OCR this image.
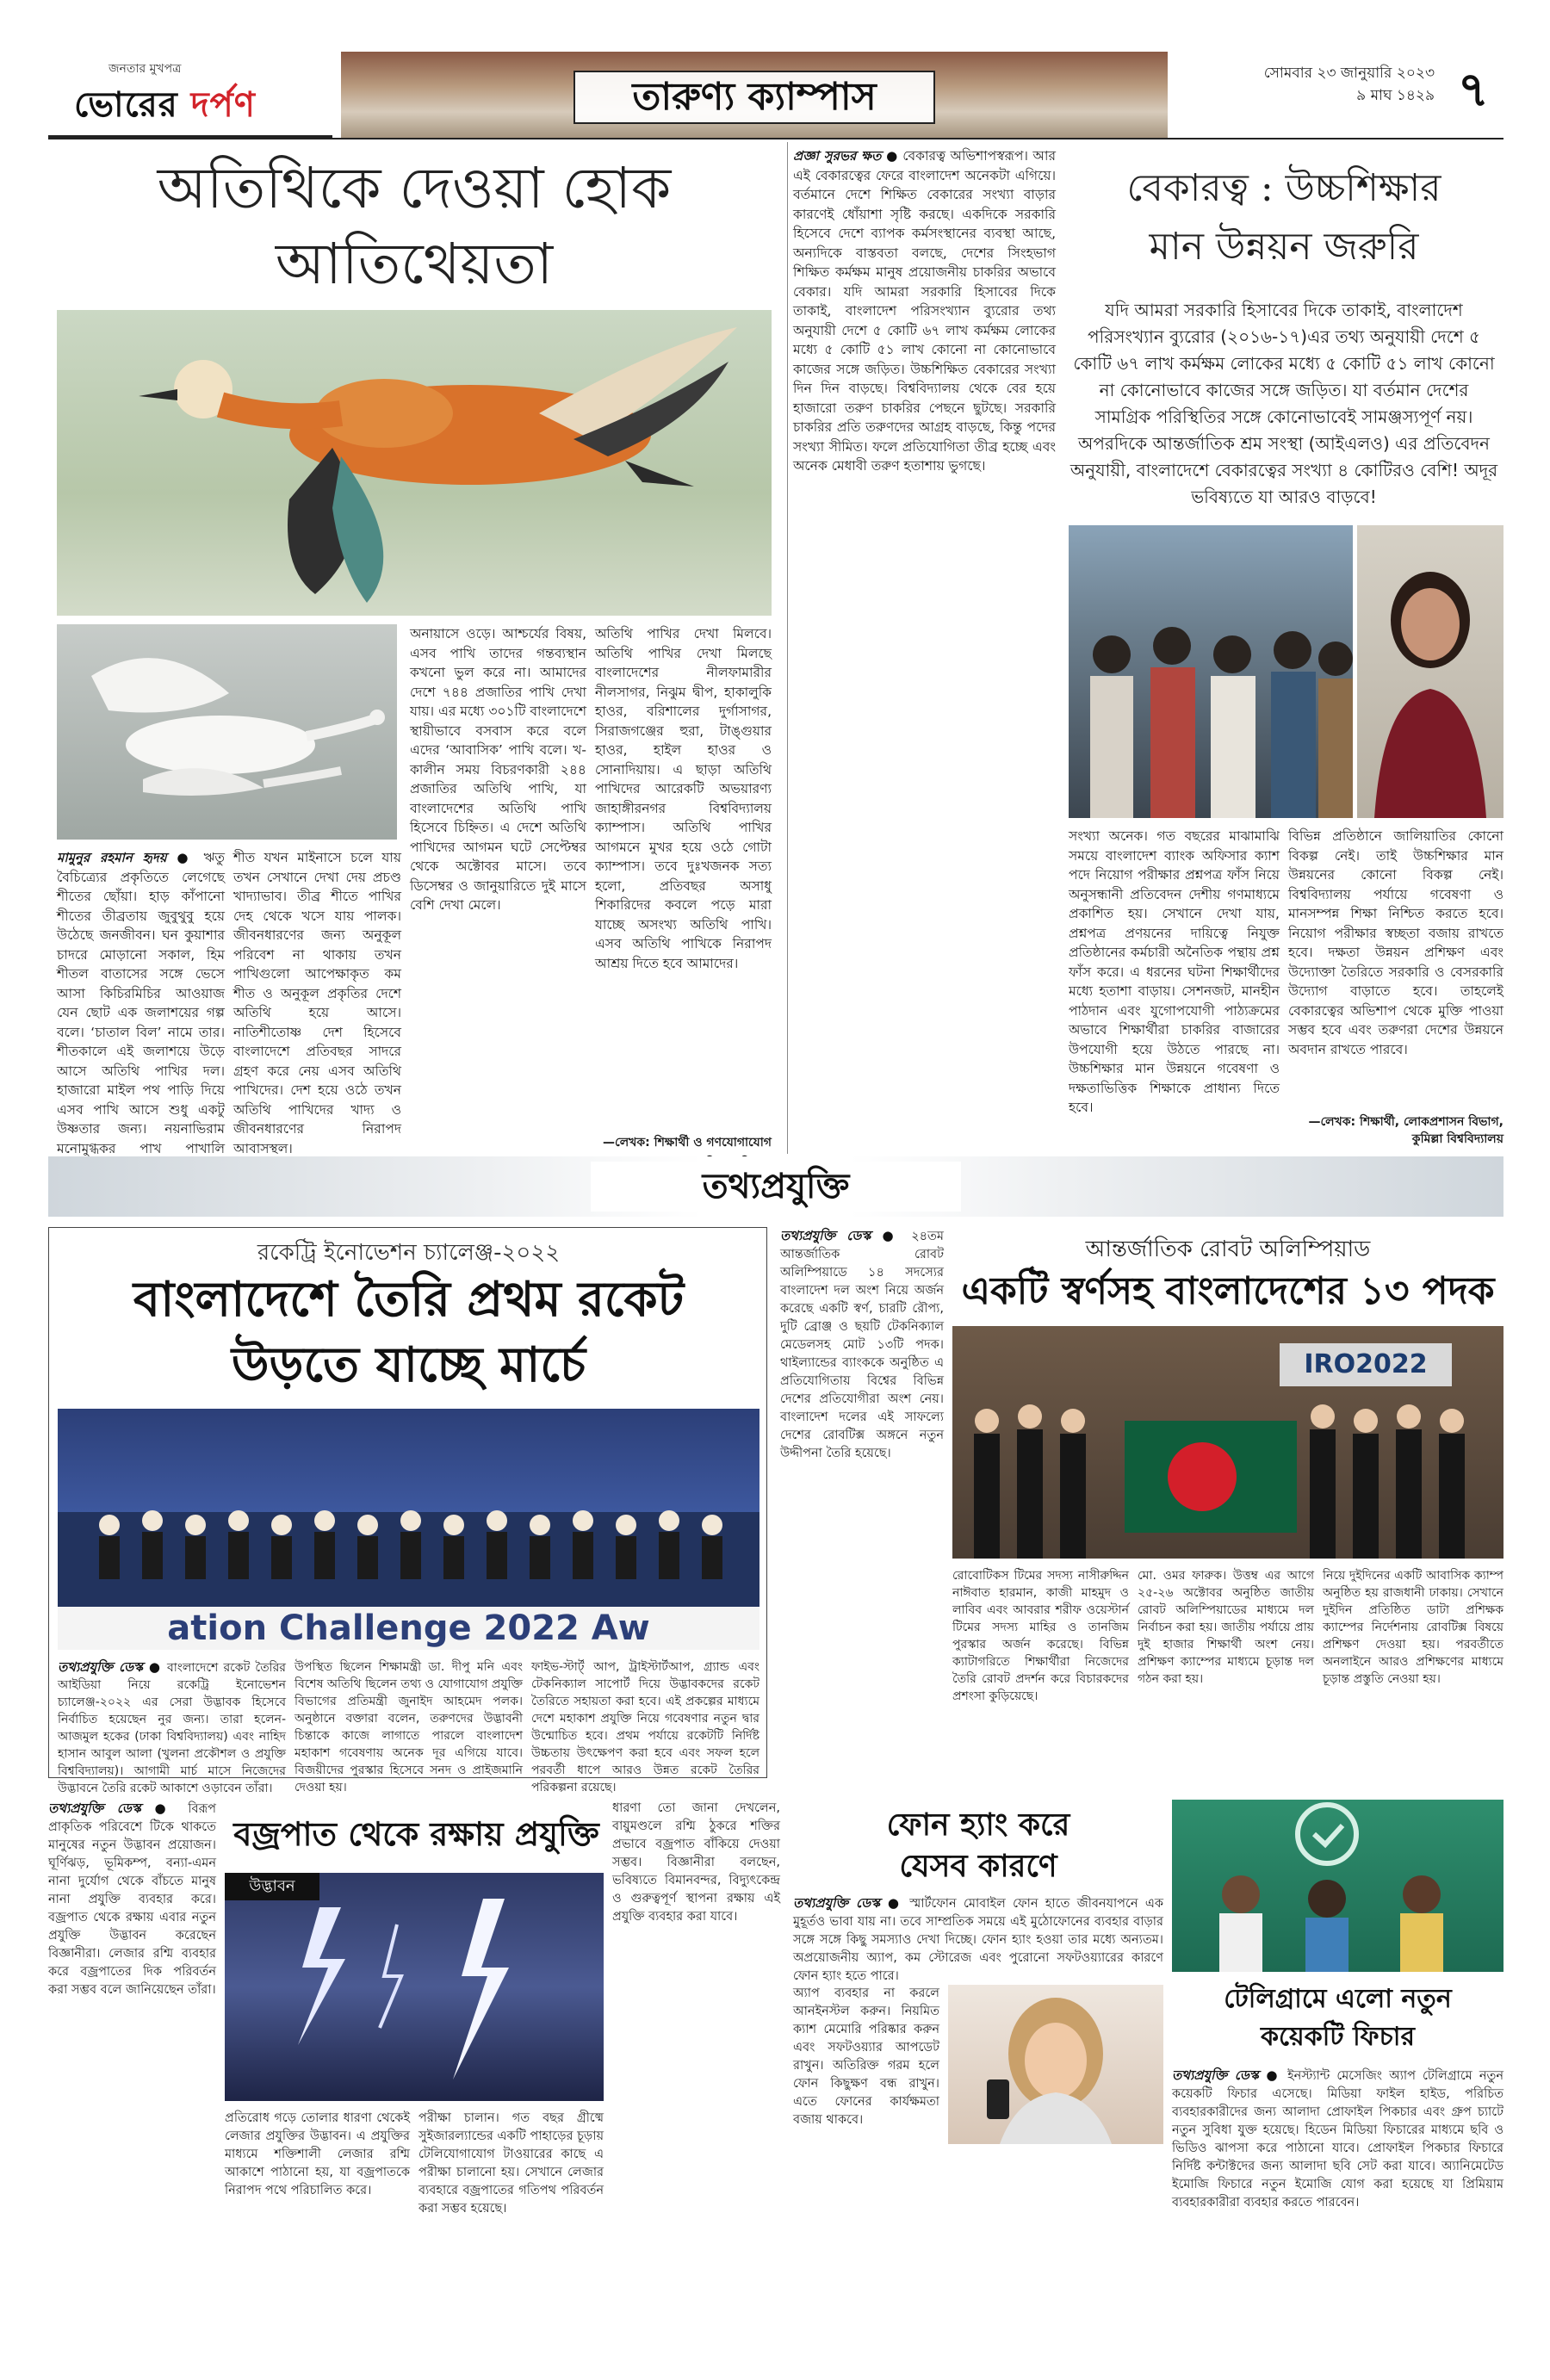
জনতার মুখপত্র
ভোরের দর্পণ	তারুণ্য ক্যাম্পাস
সোমবার ২৩ জানুয়ারি ২০২৩
৯ মাঘ ১৪২৯ ৭
অতিথিকে দেওয়া হোক
আতিথেয়তা
মামুনুর রহমান হৃদয় ● ঋতু বৈচিত্র্যের প্রকৃতিতে লেগেছে শীতের ছোঁয়া। হাড় কাঁপানো শীতের তীব্রতায় জুবুথুবু হয়ে উঠেছে জনজীবন। ঘন কুয়াশার চাদরে মোড়ানো সকাল, হিম শীতল বাতাসের সঙ্গে ভেসে আসা কিচিরমিচির আওয়াজ যেন ছোট এক জলাশয়ের গল্প বলে। ‘চাতাল বিল’ নামে তার। শীতকালে এই জলাশয়ে উড়ে আসে অতিথি পাখির দল। হাজারো মাইল পথ পাড়ি দিয়ে এসব পাখি আসে শুধু একটু উষ্ণতার জন্য। নয়নাভিরাম মনোমুগ্ধকর পাখ পাখালি
শীত যখন মাইনাসে চলে যায় তখন সেখানে দেখা দেয় প্রচণ্ড খাদ্যাভাব। তীব্র শীতে পাখির দেহ থেকে খসে যায় পালক। জীবনধারণের জন্য অনুকূল পরিবেশ না থাকায় তখন পাখিগুলো আপেক্ষাকৃত কম শীত ও অনুকূল প্রকৃতির দেশে অতিথি হয়ে আসে। নাতিশীতোষ্ণ দেশ হিসেবে বাংলাদেশে প্রতিবছর সাদরে গ্রহণ করে নেয় এসব অতিথি পাখিদের। দেশ হয়ে ওঠে তখন অতিথি পাখিদের খাদ্য ও জীবনধারণের নিরাপদ আবাসস্থল।
অনায়াসে ওড়ে। আশ্চর্যের বিষয়, এসব পাখি তাদের গন্তব্যস্থান কখনো ভুল করে না। আমাদের দেশে ৭৪৪ প্রজাতির পাখি দেখা যায়। এর মধ্যে ৩০১টি বাংলাদেশে স্থায়ীভাবে বসবাস করে বলে এদের ‘আবাসিক’ পাখি বলে। খ-কালীন সময় বিচরণকারী ২৪৪ প্রজাতির অতিথি পাখি, যা বাংলাদেশের অতিথি পাখি হিসেবে চিহ্নিত। এ দেশে অতিথি পাখিদের আগমন ঘটে সেপ্টেম্বর থেকে অক্টোবর মাসে। তবে ডিসেম্বর ও জানুয়ারিতে দুই মাসে বেশি দেখা মেলে।
অতিথি পাখির দেখা মিলবে। অতিথি পাখির দেখা মিলছে বাংলাদেশের নীলফামারীর নীলসাগর, নিঝুম দ্বীপ, হাকালুকি হাওর, বরিশালের দুর্গাসাগর, সিরাজগঞ্জের হুরা, টাঙ্গুয়ার হাওর, হাইল হাওর ও সোনাদিয়ায়। এ ছাড়া অতিথি পাখিদের আরেকটি অভয়ারণ্য জাহাঙ্গীরনগর বিশ্ববিদ্যালয় ক্যাম্পাস। অতিথি পাখির আগমনে মুখর হয়ে ওঠে গোটা ক্যাম্পাস। তবে দুঃখজনক সত্য হলো, প্রতিবছর অসাধু শিকারিদের কবলে পড়ে মারা যাচ্ছে অসংখ্য অতিথি পাখি। এসব অতিথি পাখিকে নিরাপদ আশ্রয় দিতে হবে আমাদের।
—লেখক: শিক্ষার্থী ও গণযোগাযোগ
প্রজ্ঞা সুরভর ক্ষত ● বেকারত্ব অভিশাপস্বরূপ। আর এই বেকারত্বের ফেরে বাংলাদেশ অনেকটা এগিয়ে। বর্তমানে দেশে শিক্ষিত বেকারের সংখ্যা বাড়ার কারণেই ধোঁয়াশা সৃষ্টি করছে। একদিকে সরকারি হিসেবে দেশে ব্যাপক কর্মসংস্থানের ব্যবস্থা আছে, অন্যদিকে বাস্তবতা বলছে, দেশের সিংহভাগ শিক্ষিত কর্মক্ষম মানুষ প্রয়োজনীয় চাকরির অভাবে বেকার। যদি আমরা সরকারি হিসাবের দিকে তাকাই, বাংলাদেশ পরিসংখ্যান ব্যুরোর তথ্য অনুযায়ী দেশে ৫ কোটি ৬৭ লাখ কর্মক্ষম লোকের মধ্যে ৫ কোটি ৫১ লাখ কোনো না কোনোভাবে কাজের সঙ্গে জড়িত। উচ্চশিক্ষিত বেকারের সংখ্যা দিন দিন বাড়ছে। বিশ্ববিদ্যালয় থেকে বের হয়ে হাজারো তরুণ চাকরির পেছনে ছুটছে। সরকারি চাকরির প্রতি তরুণদের আগ্রহ বাড়ছে, কিন্তু পদের সংখ্যা সীমিত। ফলে প্রতিযোগিতা তীব্র হচ্ছে এবং অনেক মেধাবী তরুণ হতাশায় ভুগছে।
বেকারত্ব : উচ্চশিক্ষার
মান উন্নয়ন জরুরি
যদি আমরা সরকারি হিসাবের দিকে তাকাই, বাংলাদেশ পরিসংখ্যান ব্যুরোর (২০১৬-১৭)এর তথ্য অনুযায়ী দেশে ৫ কোটি ৬৭ লাখ কর্মক্ষম লোকের মধ্যে ৫ কোটি ৫১ লাখ কোনো না কোনোভাবে কাজের সঙ্গে জড়িত। যা বর্তমান দেশের সামগ্রিক পরিস্থিতির সঙ্গে কোনোভাবেই সামঞ্জস্যপূর্ণ নয়। অপরদিকে আন্তর্জাতিক শ্রম সংস্থা (আইএলও) এর প্রতিবেদন অনুযায়ী, বাংলাদেশে বেকারত্বের সংখ্যা ৪ কোটিরও বেশি! অদূর ভবিষ্যতে যা আরও বাড়বে!
সংখ্যা অনেক। গত বছরের মাঝামাঝি সময়ে বাংলাদেশ ব্যাংক অফিসার ক্যাশ পদে নিয়োগ পরীক্ষার প্রশ্নপত্র ফাঁস নিয়ে অনুসন্ধানী প্রতিবেদন দেশীয় গণমাধ্যমে প্রকাশিত হয়। সেখানে দেখা যায়, প্রশ্নপত্র প্রণয়নের দায়িত্বে নিযুক্ত প্রতিষ্ঠানের কর্মচারী অনৈতিক পন্থায় প্রশ্ন ফাঁস করে। এ ধরনের ঘটনা শিক্ষার্থীদের মধ্যে হতাশা বাড়ায়। সেশনজট, মানহীন পাঠদান এবং যুগোপযোগী পাঠ্যক্রমের অভাবে শিক্ষার্থীরা চাকরির বাজারের উপযোগী হয়ে উঠতে পারছে না। উচ্চশিক্ষার মান উন্নয়নে গবেষণা ও দক্ষতাভিত্তিক শিক্ষাকে প্রাধান্য দিতে হবে।
বিভিন্ন প্রতিষ্ঠানে জালিয়াতির কোনো বিকল্প নেই। তাই উচ্চশিক্ষার মান উন্নয়নের কোনো বিকল্প নেই। বিশ্ববিদ্যালয় পর্যায়ে গবেষণা ও মানসম্পন্ন শিক্ষা নিশ্চিত করতে হবে। নিয়োগ পরীক্ষার স্বচ্ছতা বজায় রাখতে হবে। দক্ষতা উন্নয়ন প্রশিক্ষণ এবং উদ্যোক্তা তৈরিতে সরকারি ও বেসরকারি উদ্যোগ বাড়াতে হবে। তাহলেই বেকারত্বের অভিশাপ থেকে মুক্তি পাওয়া সম্ভব হবে এবং তরুণরা দেশের উন্নয়নে অবদান রাখতে পারবে।
—লেখক: শিক্ষার্থী, লোকপ্রশাসন বিভাগ, কুমিল্লা বিশ্ববিদ্যালয়
তথ্যপ্রযুক্তি
রকেট্রি ইনোভেশন চ্যালেঞ্জ-২০২২
বাংলাদেশে তৈরি প্রথম রকেট
উড়তে যাচ্ছে মার্চে
ation Challenge 2022 Aw
তথ্যপ্রযুক্তি ডেস্ক ● বাংলাদেশে রকেট তৈরির আইডিয়া নিয়ে রকেট্রি ইনোভেশন চ্যালেঞ্জ-২০২২ এর সেরা উদ্ভাবক হিসেবে নির্বাচিত হয়েছেন নুর জন্য। তারা হলেন- আজমুল হকের (ঢাকা বিশ্ববিদ্যালয়) এবং নাহিদ হাসান আবুল আলা (খুলনা প্রকৌশল ও প্রযুক্তি বিশ্ববিদ্যালয়)। আগামী মার্চ মাসে নিজেদের উদ্ভাবনে তৈরি রকেট আকাশে ওড়াবেন তাঁরা।
উপস্থিত ছিলেন শিক্ষামন্ত্রী ডা. দীপু মনি এবং বিশেষ অতিথি ছিলেন তথ্য ও যোগাযোগ প্রযুক্তি বিভাগের প্রতিমন্ত্রী জুনাইদ আহমেদ পলক। অনুষ্ঠানে বক্তারা বলেন, তরুণদের উদ্ভাবনী চিন্তাকে কাজে লাগাতে পারলে বাংলাদেশ মহাকাশ গবেষণায় অনেক দূর এগিয়ে যাবে। বিজয়ীদের পুরস্কার হিসেবে সনদ ও প্রাইজমানি দেওয়া হয়।
ফাইভ-স্টার্ট্ আপ, ট্রাইস্টার্টআপ, গ্র্যান্ড এবং টেকনিক্যাল সাপোর্ট দিয়ে উদ্ভাবকদের রকেট তৈরিতে সহায়তা করা হবে। এই প্রকল্পের মাধ্যমে দেশে মহাকাশ প্রযুক্তি নিয়ে গবেষণার নতুন দ্বার উন্মোচিত হবে। প্রথম পর্যায়ে রকেটটি নির্দিষ্ট উচ্চতায় উৎক্ষেপণ করা হবে এবং সফল হলে পরবর্তী ধাপে আরও উন্নত রকেট তৈরির পরিকল্পনা রয়েছে।
তথ্যপ্রযুক্তি ডেস্ক ● ২৪তম আন্তর্জাতিক রোবট অলিম্পিয়াডে ১৪ সদস্যের বাংলাদেশ দল অংশ নিয়ে অর্জন করেছে একটি স্বর্ণ, চারটি রৌপ্য, দুটি ব্রোঞ্জ ও ছয়টি টেকনিক্যাল মেডেলসহ মোট ১৩টি পদক। থাইল্যান্ডের ব্যাংককে অনুষ্ঠিত এ প্রতিযোগিতায় বিশ্বের বিভিন্ন দেশের প্রতিযোগীরা অংশ নেয়। বাংলাদেশ দলের এই সাফল্যে দেশের রোবটিক্স অঙ্গনে নতুন উদ্দীপনা তৈরি হয়েছে।
আন্তর্জাতিক রোবট অলিম্পিয়াড
একটি স্বর্ণসহ বাংলাদেশের ১৩ পদক
IRO2022
রোবোটিকস টিমের সদস্য নাসীরুদ্দিন নাঈবাত হারমান, কাজী মাহমুদ ও লাবিব এবং আবরার শরীফ ওয়েস্টার্ন টিমের সদস্য মাহির ও তানজিম পুরস্কার অর্জন করেছে। বিভিন্ন ক্যাটাগরিতে শিক্ষার্থীরা নিজেদের তৈরি রোবট প্রদর্শন করে বিচারকদের প্রশংসা কুড়িয়েছে।
মো. ওমর ফারুক। উত্তম্ব এর আগে ২৫-২৬ অক্টোবর অনুষ্ঠিত জাতীয় রোবট অলিম্পিয়াডের মাধ্যমে দল নির্বাচন করা হয়। জাতীয় পর্যায়ে প্রায় দুই হাজার শিক্ষার্থী অংশ নেয়। প্রশিক্ষণ ক্যাম্পের মাধ্যমে চূড়ান্ত দল গঠন করা হয়।
নিয়ে দুইদিনের একটি আবাসিক ক্যাম্প অনুষ্ঠিত হয় রাজধানী ঢাকায়। সেখানে দুইদিন প্রতিষ্ঠিত ডাটা প্রশিক্ষক ক্যাম্পের নির্দেশনায় রোবটিক্স বিষয়ে প্রশিক্ষণ দেওয়া হয়। পরবর্তীতে অনলাইনে আরও প্রশিক্ষণের মাধ্যমে চূড়ান্ত প্রস্তুতি নেওয়া হয়।
তথ্যপ্রযুক্তি ডেস্ক ● বিরূপ প্রাকৃতিক পরিবেশে টিকে থাকতে মানুষের নতুন উদ্ভাবন প্রয়োজন। ঘূর্ণিঝড়, ভূমিকম্প, বন্যা-এমন নানা দুর্যোগ থেকে বাঁচতে মানুষ নানা প্রযুক্তি ব্যবহার করে। বজ্রপাত থেকে রক্ষায় এবার নতুন প্রযুক্তি উদ্ভাবন করেছেন বিজ্ঞানীরা। লেজার রশ্মি ব্যবহার করে বজ্রপাতের দিক পরিবর্তন করা সম্ভব বলে জানিয়েছেন তাঁরা।
বজ্রপাত থেকে রক্ষায় প্রযুক্তি
উদ্ভাবন
প্রতিরোধ গড়ে তোলার ধারণা থেকেই লেজার প্রযুক্তির উদ্ভাবন। এ প্রযুক্তির মাধ্যমে শক্তিশালী লেজার রশ্মি আকাশে পাঠানো হয়, যা বজ্রপাতকে নিরাপদ পথে পরিচালিত করে।
পরীক্ষা চালান। গত বছর গ্রীষ্মে সুইজারল্যান্ডের একটি পাহাড়ের চূড়ায় টেলিযোগাযোগ টাওয়ারের কাছে এ পরীক্ষা চালানো হয়। সেখানে লেজার ব্যবহারে বজ্রপাতের গতিপথ পরিবর্তন করা সম্ভব হয়েছে।
ধারণা তো জানা দেখলেন, বায়ুমণ্ডলে রশ্মি ঠুকরে শক্তির প্রভাবে বজ্রপাত বাঁকিয়ে দেওয়া সম্ভব। বিজ্ঞানীরা বলছেন, ভবিষ্যতে বিমানবন্দর, বিদ্যুৎকেন্দ্র ও গুরুত্বপূর্ণ স্থাপনা রক্ষায় এই প্রযুক্তি ব্যবহার করা যাবে।
ফোন হ্যাং করে
যেসব কারণে
তথ্যপ্রযুক্তি ডেস্ক ● স্মার্টফোন মোবাইল ফোন হাতে জীবনযাপনে এক মুহূর্তও ভাবা যায় না। তবে সাম্প্রতিক সময়ে এই মুঠোফোনের ব্যবহার বাড়ার সঙ্গে সঙ্গে কিছু সমস্যাও দেখা দিচ্ছে। ফোন হ্যাং হওয়া তার মধ্যে অন্যতম। অপ্রয়োজনীয় অ্যাপ, কম স্টোরেজ এবং পুরোনো সফটওয়্যারের কারণে ফোন হ্যাং হতে পারে।
অ্যাপ ব্যবহার না করলে আনইনস্টল করুন। নিয়মিত ক্যাশ মেমোরি পরিষ্কার করুন এবং সফটওয়্যার আপডেট রাখুন। অতিরিক্ত গরম হলে ফোন কিছুক্ষণ বন্ধ রাখুন। এতে ফোনের কার্যক্ষমতা বজায় থাকবে।
টেলিগ্রামে এলো নতুন
কয়েকটি ফিচার
তথ্যপ্রযুক্তি ডেস্ক ● ইনস্ট্যান্ট মেসেজিং অ্যাপ টেলিগ্রামে নতুন কয়েকটি ফিচার এসেছে। মিডিয়া ফাইল হাইড, পরিচিত ব্যবহারকারীদের জন্য আলাদা প্রোফাইল পিকচার এবং গ্রুপ চ্যাটে নতুন সুবিধা যুক্ত হয়েছে। হিডেন মিডিয়া ফিচারের মাধ্যমে ছবি ও ভিডিও ঝাপসা করে পাঠানো যাবে। প্রোফাইল পিকচার ফিচারে নির্দিষ্ট কন্টাক্টদের জন্য আলাদা ছবি সেট করা যাবে। অ্যানিমেটেড ইমোজি ফিচারে নতুন ইমোজি যোগ করা হয়েছে যা প্রিমিয়াম ব্যবহারকারীরা ব্যবহার করতে পারবেন।
